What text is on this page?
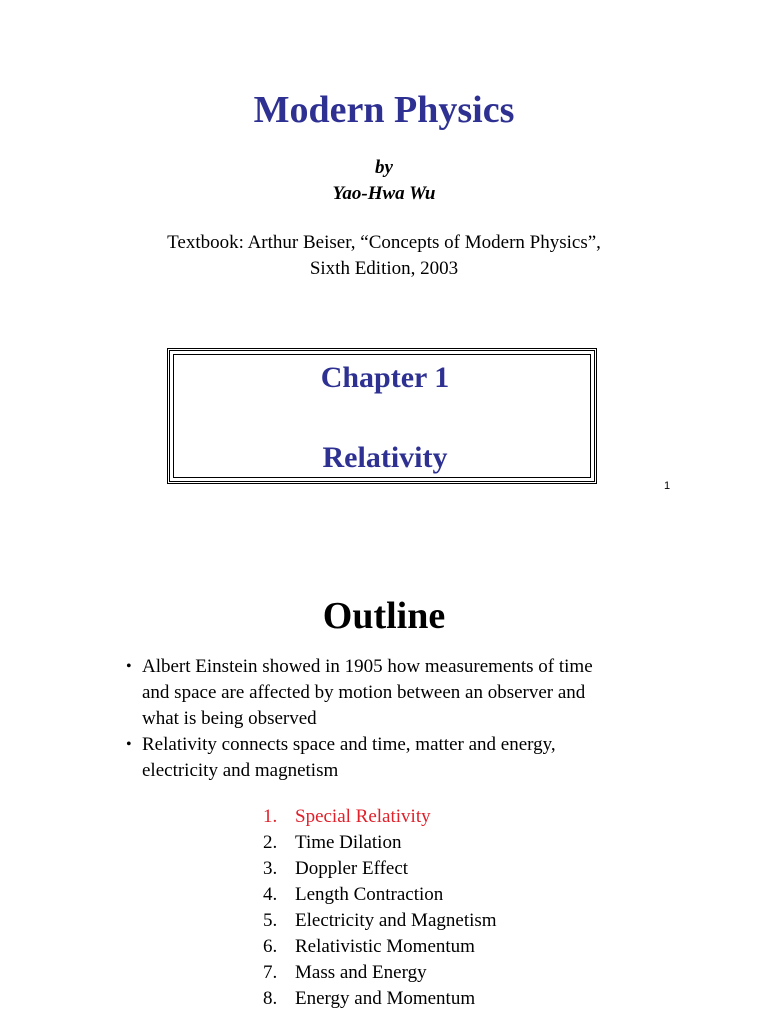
Modern Physics
by
Yao-Hwa Wu
Textbook: Arthur Beiser, “Concepts of Modern Physics”,
Sixth Edition, 2003
Chapter 1
Relativity
1
Outline
• Albert Einstein showed in 1905 how measurements of time
and space are affected by motion between an observer and
what is being observed
• Relativity connects space and time, matter and energy,
electricity and magnetism
1. Special Relativity
2. Time Dilation
3. Doppler Effect
4. Length Contraction
5. Electricity and Magnetism
6. Relativistic Momentum
7. Mass and Energy
8. Energy and Momentum
